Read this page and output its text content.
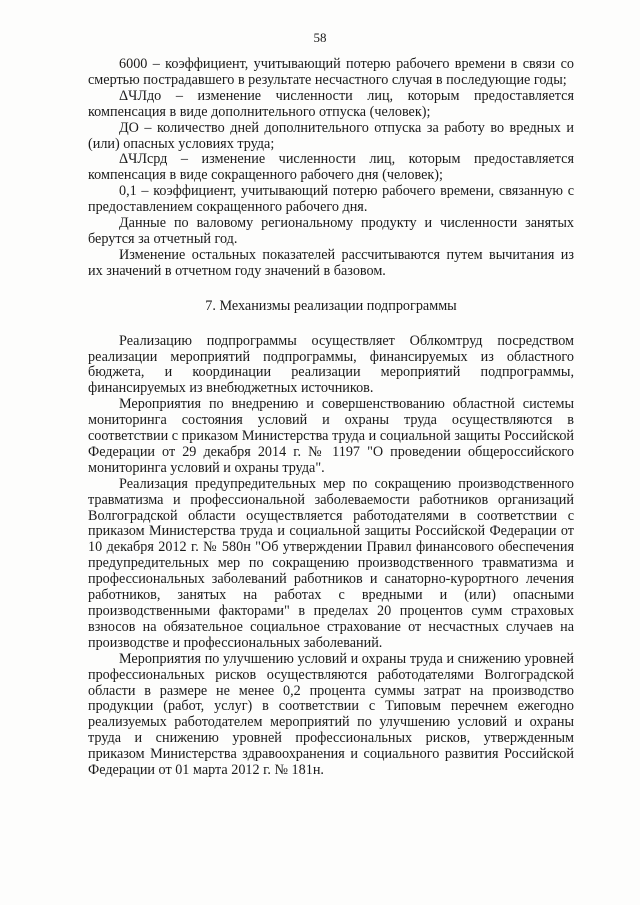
58

6000 – коэффициент, учитывающий потерю рабочего времени в связи со смертью пострадавшего в результате несчастного случая в последующие годы;

ΔЧЛдо – изменение численности лиц, которым предоставляется компенсация в виде дополнительного отпуска (человек);

ДО – количество дней дополнительного отпуска за работу во вредных и (или) опасных условиях труда;

ΔЧЛсрд – изменение численности лиц, которым предоставляется компенсация в виде сокращенного рабочего дня (человек);

0,1 – коэффициент, учитывающий потерю рабочего времени, связанную с предоставлением сокращенного рабочего дня.

Данные по валовому региональному продукту и численности занятых берутся за отчетный год.

Изменение остальных показателей рассчитываются путем вычитания из их значений в отчетном году значений в базовом.

7. Механизмы реализации подпрограммы

Реализацию подпрограммы осуществляет Облкомтруд посредством реализации мероприятий подпрограммы, финансируемых из областного бюджета, и координации реализации мероприятий подпрограммы, финансируемых из внебюджетных источников.

Мероприятия по внедрению и совершенствованию областной системы мониторинга состояния условий и охраны труда осуществляются в соответствии с приказом Министерства труда и социальной защиты Российской Федерации от 29 декабря 2014 г. № 1197 "О проведении общероссийского мониторинга условий и охраны труда".

Реализация предупредительных мер по сокращению производственного травматизма и профессиональной заболеваемости работников организаций Волгоградской области осуществляется работодателями в соответствии с приказом Министерства труда и социальной защиты Российской Федерации от 10 декабря 2012 г. № 580н "Об утверждении Правил финансового обеспечения предупредительных мер по сокращению производственного травматизма и профессиональных заболеваний работников и санаторно-курортного лечения работников, занятых на работах с вредными и (или) опасными производственными факторами" в пределах 20 процентов сумм страховых взносов на обязательное социальное страхование от несчастных случаев на производстве и профессиональных заболеваний.

Мероприятия по улучшению условий и охраны труда и снижению уровней профессиональных рисков осуществляются работодателями Волгоградской области в размере не менее 0,2 процента суммы затрат на производство продукции (работ, услуг) в соответствии с Типовым перечнем ежегодно реализуемых работодателем мероприятий по улучшению условий и охраны труда и снижению уровней профессиональных рисков, утвержденным приказом Министерства здравоохранения и социального развития Российской Федерации от 01 марта 2012 г. № 181н.
